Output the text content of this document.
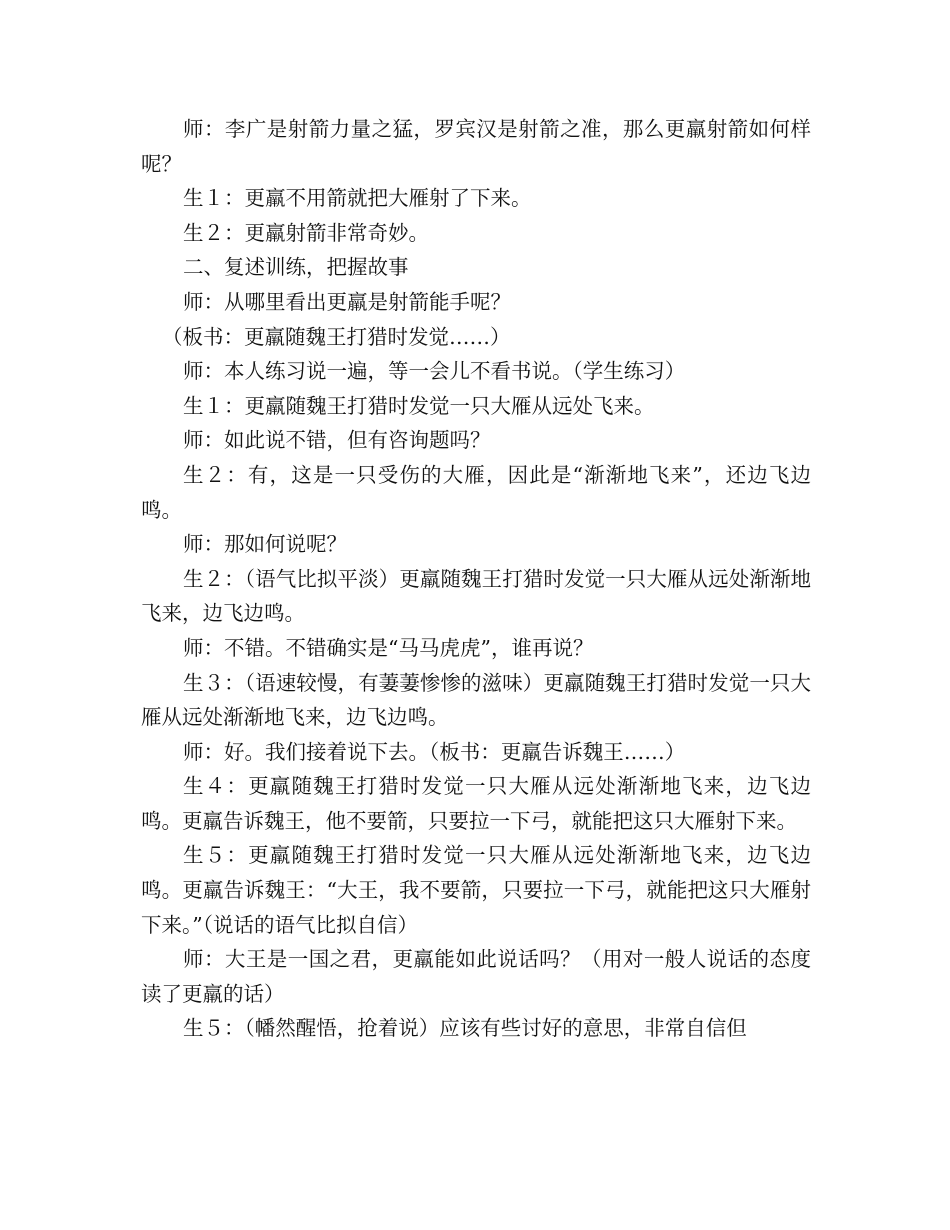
师：李广是射箭力量之猛，罗宾汉是射箭之准，那么更羸射箭如何样呢？

生１：更羸不用箭就把大雁射了下来。

生２：更羸射箭非常奇妙。

二、复述训练，把握故事

师：从哪里看出更羸是射箭能手呢？

（板书：更羸随魏王打猎时发觉……）

师：本人练习说一遍，等一会儿不看书说。（学生练习）

生１：更羸随魏王打猎时发觉一只大雁从远处飞来。

师：如此说不错，但有咨询题吗？

生２：有，这是一只受伤的大雁，因此是“渐渐地飞来”，还边飞边鸣。

师：那如何说呢？

生２：（语气比拟平淡）更羸随魏王打猎时发觉一只大雁从远处渐渐地飞来，边飞边鸣。

师：不错。不错确实是“马马虎虎”，谁再说？

生３：（语速较慢，有萋萋惨惨的滋味）更羸随魏王打猎时发觉一只大雁从远处渐渐地飞来，边飞边鸣。

师：好。我们接着说下去。（板书：更羸告诉魏王……）

生４：更羸随魏王打猎时发觉一只大雁从远处渐渐地飞来，边飞边鸣。更羸告诉魏王，他不要箭，只要拉一下弓，就能把这只大雁射下来。

生５：更羸随魏王打猎时发觉一只大雁从远处渐渐地飞来，边飞边鸣。更羸告诉魏王：“大王，我不要箭，只要拉一下弓，就能把这只大雁射下来。”（说话的语气比拟自信）

师：大王是一国之君，更羸能如此说话吗？（用对一般人说话的态度读了更羸的话）

生５：（幡然醒悟，抢着说）应该有些讨好的意思，非常自信但
